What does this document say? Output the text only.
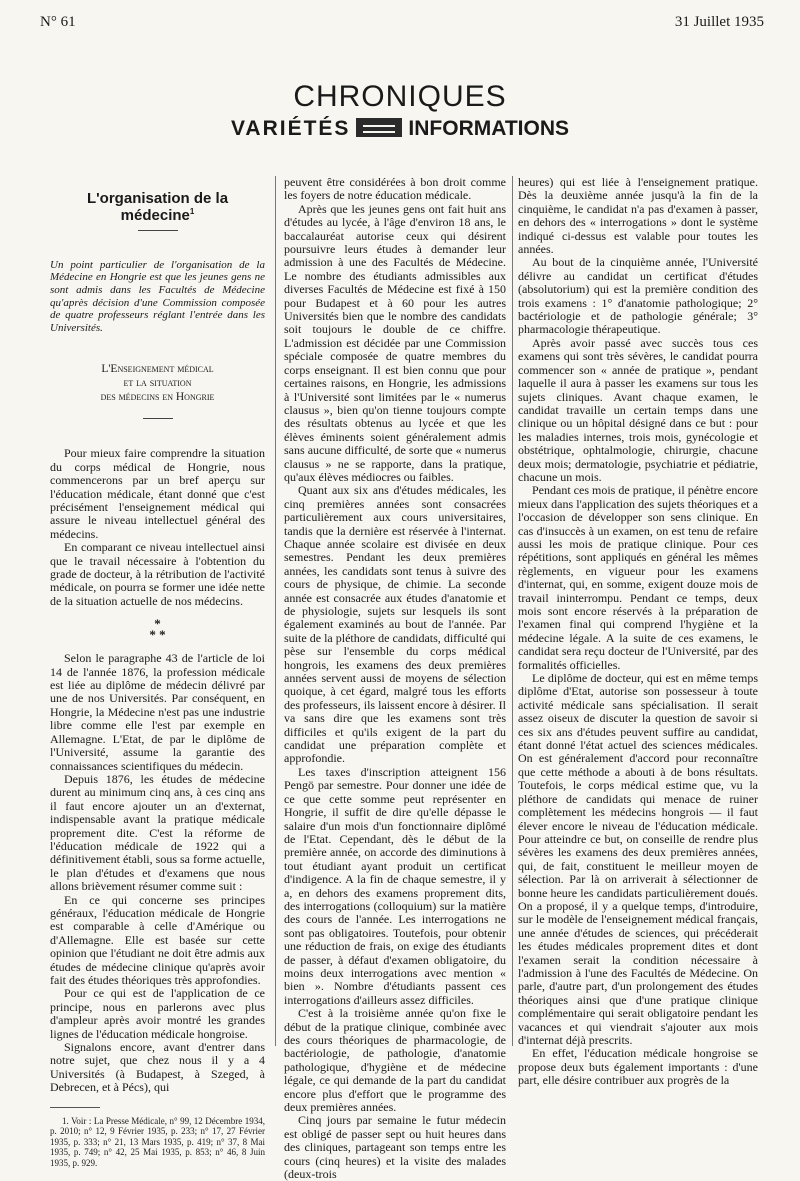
N° 61	31 Juillet 1935
CHRONIQUES
VARIÉTÉS	INFORMATIONS
L'organisation de la médecine$^1$
Un point particulier de l'organisation de la Médecine en Hongrie est que les jeunes gens ne sont admis dans les Facultés de Médecine qu'après décision d'une Commission composée de quatre professeurs réglant l'entrée dans les Universités.
L'Enseignement médical
et la situation
des médecins en Hongrie

Pour mieux faire comprendre la situation du corps médical de Hongrie, nous commencerons par un bref aperçu sur l'éducation médicale, étant donné que c'est précisément l'enseignement médical qui assure le niveau intellectuel général des médecins.

En comparant ce niveau intellectuel ainsi que le travail nécessaire à l'obtention du grade de docteur, à la rétribution de l'activité médicale, on pourra se former une idée nette de la situation actuelle de nos médecins.

*
* *

Selon le paragraphe 43 de l'article de loi 14 de l'année 1876, la profession médicale est liée au diplôme de médecin délivré par une de nos Universités. Par conséquent, en Hongrie, la Médecine n'est pas une industrie libre comme elle l'est par exemple en Allemagne. L'Etat, de par le diplôme de l'Université, assume la garantie des connaissances scientifiques du médecin.

Depuis 1876, les études de médecine durent au minimum cinq ans, à ces cinq ans il faut encore ajouter un an d'externat, indispensable avant la pratique médicale proprement dite. C'est la réforme de l'éducation médicale de 1922 qui a définitivement établi, sous sa forme actuelle, le plan d'études et d'examens que nous allons brièvement résumer comme suit :

En ce qui concerne ses principes généraux, l'éducation médicale de Hongrie est comparable à celle d'Amérique ou d'Allemagne. Elle est basée sur cette opinion que l'étudiant ne doit être admis aux études de médecine clinique qu'après avoir fait des études théoriques très approfondies.

Pour ce qui est de l'application de ce principe, nous en parlerons avec plus d'ampleur après avoir montré les grandes lignes de l'éducation médicale hongroise.

Signalons encore, avant d'entrer dans notre sujet, que chez nous il y a 4 Universités (à Budapest, à Szeged, à Debrecen, et à Pécs), qui

1. Voir : La Presse Médicale, n° 99, 12 Décembre 1934, p. 2010; n° 12, 9 Février 1935, p. 233; n° 17, 27 Février 1935, p. 333; n° 21, 13 Mars 1935, p. 419; n° 37, 8 Mai 1935, p. 749; n° 42, 25 Mai 1935, p. 853; n° 46, 8 Juin 1935, p. 929.

peuvent être considérées à bon droit comme les foyers de notre éducation médicale.

Après que les jeunes gens ont fait huit ans d'études au lycée, à l'âge d'environ 18 ans, le baccalauréat autorise ceux qui désirent poursuivre leurs études à demander leur admission à une des Facultés de Médecine. Le nombre des étudiants admissibles aux diverses Facultés de Médecine est fixé à 150 pour Budapest et à 60 pour les autres Universités bien que le nombre des candidats soit toujours le double de ce chiffre. L'admission est décidée par une Commission spéciale composée de quatre membres du corps enseignant. Il est bien connu que pour certaines raisons, en Hongrie, les admissions à l'Université sont limitées par le « numerus clausus », bien qu'on tienne toujours compte des résultats obtenus au lycée et que les élèves éminents soient généralement admis sans aucune difficulté, de sorte que « numerus clausus » ne se rapporte, dans la pratique, qu'aux élèves médiocres ou faibles.

Quant aux six ans d'études médicales, les cinq premières années sont consacrées particulièrement aux cours universitaires, tandis que la dernière est réservée à l'internat. Chaque année scolaire est divisée en deux semestres. Pendant les deux premières années, les candidats sont tenus à suivre des cours de physique, de chimie. La seconde année est consacrée aux études d'anatomie et de physiologie, sujets sur lesquels ils sont également examinés au bout de l'année. Par suite de la pléthore de candidats, difficulté qui pèse sur l'ensemble du corps médical hongrois, les examens des deux premières années servent aussi de moyens de sélection quoique, à cet égard, malgré tous les efforts des professeurs, ils laissent encore à désirer. Il va sans dire que les examens sont très difficiles et qu'ils exigent de la part du candidat une préparation complète et approfondie.

Les taxes d'inscription atteignent 156 Pengö par semestre. Pour donner une idée de ce que cette somme peut représenter en Hongrie, il suffit de dire qu'elle dépasse le salaire d'un mois d'un fonctionnaire diplômé de l'Etat. Cependant, dès le début de la première année, on accorde des diminutions à tout étudiant ayant produit un certificat d'indigence. A la fin de chaque semestre, il y a, en dehors des examens proprement dits, des interrogations (colloquium) sur la matière des cours de l'année. Les interrogations ne sont pas obligatoires. Toutefois, pour obtenir une réduction de frais, on exige des étudiants de passer, à défaut d'examen obligatoire, du moins deux interrogations avec mention « bien ». Nombre d'étudiants passent ces interrogations d'ailleurs assez difficiles.

C'est à la troisième année qu'on fixe le début de la pratique clinique, combinée avec des cours théoriques de pharmacologie, de bactériologie, de pathologie, d'anatomie pathologique, d'hygiène et de médecine légale, ce qui demande de la part du candidat encore plus d'effort que le programme des deux premières années.

Cinq jours par semaine le futur médecin est obligé de passer sept ou huit heures dans des cliniques, partageant son temps entre les cours (cinq heures) et la visite des malades (deux-trois

heures) qui est liée à l'enseignement pratique. Dès la deuxième année jusqu'à la fin de la cinquième, le candidat n'a pas d'examen à passer, en dehors des « interrogations » dont le système indiqué ci-dessus est valable pour toutes les années.

Au bout de la cinquième année, l'Université délivre au candidat un certificat d'études (absolutorium) qui est la première condition des trois examens : 1° d'anatomie pathologique; 2° bactériologie et de pathologie générale; 3° pharmacologie thérapeutique.

Après avoir passé avec succès tous ces examens qui sont très sévères, le candidat pourra commencer son « année de pratique », pendant laquelle il aura à passer les examens sur tous les sujets cliniques. Avant chaque examen, le candidat travaille un certain temps dans une clinique ou un hôpital désigné dans ce but : pour les maladies internes, trois mois, gynécologie et obstétrique, ophtalmologie, chirurgie, chacune deux mois; dermatologie, psychiatrie et pédiatrie, chacune un mois.

Pendant ces mois de pratique, il pénètre encore mieux dans l'application des sujets théoriques et a l'occasion de développer son sens clinique. En cas d'insuccès à un examen, on est tenu de refaire aussi les mois de pratique clinique. Pour ces répétitions, sont appliqués en général les mêmes règlements, en vigueur pour les examens d'internat, qui, en somme, exigent douze mois de travail ininterrompu. Pendant ce temps, deux mois sont encore réservés à la préparation de l'examen final qui comprend l'hygiène et la médecine légale. A la suite de ces examens, le candidat sera reçu docteur de l'Université, par des formalités officielles.

Le diplôme de docteur, qui est en même temps diplôme d'Etat, autorise son possesseur à toute activité médicale sans spécialisation. Il serait assez oiseux de discuter la question de savoir si ces six ans d'études peuvent suffire au candidat, étant donné l'état actuel des sciences médicales. On est généralement d'accord pour reconnaître que cette méthode a abouti à de bons résultats. Toutefois, le corps médical estime que, vu la pléthore de candidats qui menace de ruiner complètement les médecins hongrois — il faut élever encore le niveau de l'éducation médicale. Pour atteindre ce but, on conseille de rendre plus sévères les examens des deux premières années, qui, de fait, constituent le meilleur moyen de sélection. Par là on arriverait à sélectionner de bonne heure les candidats particulièrement doués. On a proposé, il y a quelque temps, d'introduire, sur le modèle de l'enseignement médical français, une année d'études de sciences, qui précéderait les études médicales proprement dites et dont l'examen serait la condition nécessaire à l'admission à l'une des Facultés de Médecine. On parle, d'autre part, d'un prolongement des études théoriques ainsi que d'une pratique clinique complémentaire qui serait obligatoire pendant les vacances et qui viendrait s'ajouter aux mois d'internat déjà prescrits.

En effet, l'éducation médicale hongroise se propose deux buts également importants : d'une part, elle désire contribuer aux progrès de la
